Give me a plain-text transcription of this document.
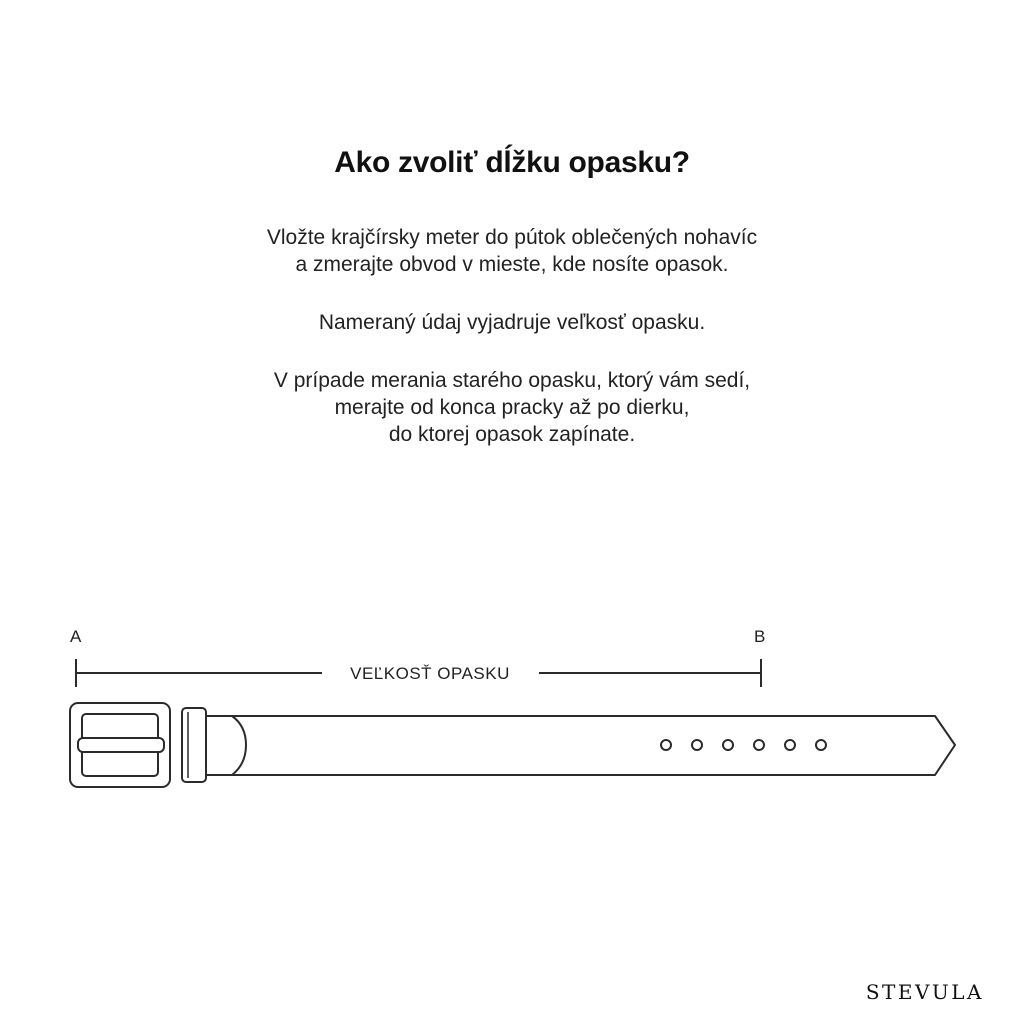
Ako zvoliť dĺžku opasku?
Vložte krajčírsky meter do pútok oblečených nohavíc
a zmerajte obvod v mieste, kde nosíte opasok.
Nameraný údaj vyjadruje veľkosť opasku.
V prípade merania starého opasku, ktorý vám sedí,
merajte od konca pracky až po dierku,
do ktorej opasok zapínate.
A	B
VEĽKOSŤ OPASKU
STEVULA
